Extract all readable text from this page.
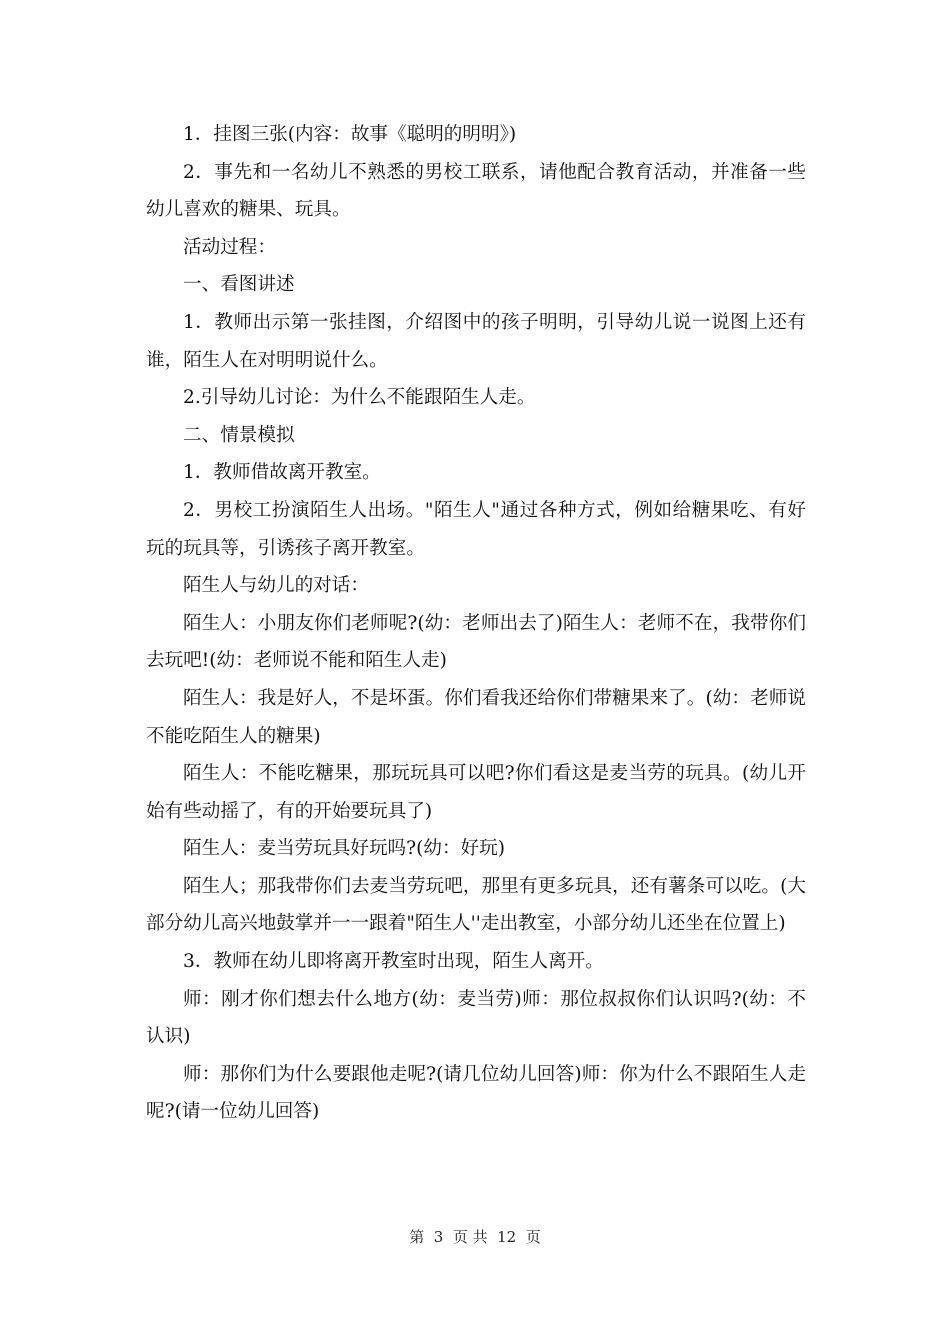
1．挂图三张(内容：故事《聪明的明明》)

2．事先和一名幼儿不熟悉的男校工联系，请他配合教育活动，并准备一些幼儿喜欢的糖果、玩具。

活动过程：

一、看图讲述

1．教师出示第一张挂图，介绍图中的孩子明明，引导幼儿说一说图上还有谁，陌生人在对明明说什么。

2.引导幼儿讨论：为什么不能跟陌生人走。

二、情景模拟

1．教师借故离开教室。

2．男校工扮演陌生人出场。"陌生人"通过各种方式，例如给糖果吃、有好玩的玩具等，引诱孩子离开教室。

陌生人与幼儿的对话：

陌生人：小朋友你们老师呢?(幼：老师出去了)陌生人：老师不在，我带你们去玩吧!(幼：老师说不能和陌生人走)

陌生人：我是好人，不是坏蛋。你们看我还给你们带糖果来了。(幼：老师说不能吃陌生人的糖果)

陌生人：不能吃糖果，那玩玩具可以吧?你们看这是麦当劳的玩具。(幼儿开始有些动摇了，有的开始要玩具了)

陌生人：麦当劳玩具好玩吗?(幼：好玩)

陌生人；那我带你们去麦当劳玩吧，那里有更多玩具，还有薯条可以吃。(大部分幼儿高兴地鼓掌并一一跟着"陌生人''走出教室，小部分幼儿还坐在位置上)

3．教师在幼儿即将离开教室时出现，陌生人离开。

师：刚才你们想去什么地方(幼：麦当劳)师：那位叔叔你们认识吗?(幼：不认识)

师：那你们为什么要跟他走呢?(请几位幼儿回答)师：你为什么不跟陌生人走呢?(请一位幼儿回答)

第  3  页 共  12  页
